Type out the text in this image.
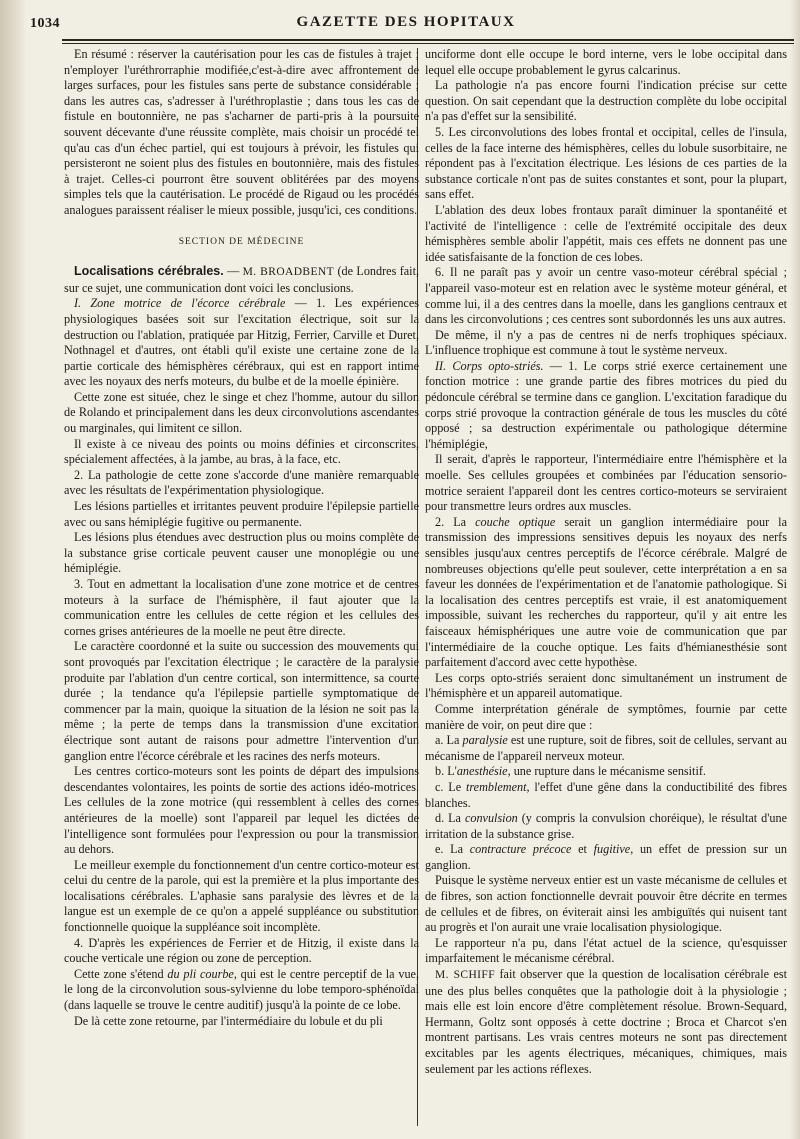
1034	GAZETTE DES HOPITAUX

En résumé : réserver la cautérisation pour les cas de fistules à trajet ; n'employer l'uréthrorraphie modifiée,c'est-à-dire avec affrontement de larges surfaces, pour les fistules sans perte de substance considérable ; dans les autres cas, s'adresser à l'uréthroplastie ; dans tous les cas de fistule en boutonnière, ne pas s'acharner de parti-pris à la poursuite souvent décevante d'une réussite complète, mais choisir un procédé tel qu'au cas d'un échec partiel, qui est toujours à prévoir, les fistules qui persisteront ne soient plus des fistules en boutonnière, mais des fistules à trajet. Celles-ci pourront être souvent oblitérées par des moyens simples tels que la cautérisation. Le procédé de Rigaud ou les procédés analogues paraissent réaliser le mieux possible, jusqu'ici, ces conditions.

SECTION DE MÉDECINE

Localisations cérébrales. — M. BROADBENT (de Londres fait, sur ce sujet, une communication dont voici les conclusions.

I. Zone motrice de l'écorce cérébrale — 1. Les expériences physiologiques basées soit sur l'excitation électrique, soit sur la destruction ou l'ablation, pratiquée par Hitzig, Ferrier, Carville et Duret, Nothnagel et d'autres, ont établi qu'il existe une certaine zone de la partie corticale des hémisphères cérébraux, qui est en rapport intime avec les noyaux des nerfs moteurs, du bulbe et de la moelle épinière.

Cette zone est située, chez le singe et chez l'homme, autour du sillon de Rolando et principalement dans les deux circonvolutions ascendantes ou marginales, qui limitent ce sillon.

Il existe à ce niveau des points ou moins définies et circonscrites, spécialement affectées, à la jambe, au bras, à la face, etc.

2. La pathologie de cette zone s'accorde d'une manière remarquable avec les résultats de l'expérimentation physiologique.

Les lésions partielles et irritantes peuvent produire l'épilepsie partielle avec ou sans hémiplégie fugitive ou permanente.

Les lésions plus étendues avec destruction plus ou moins complète de la substance grise corticale peuvent causer une monoplégie ou une hémiplégie.

3. Tout en admettant la localisation d'une zone motrice et de centres moteurs à la surface de l'hémisphère, il faut ajouter que la communication entre les cellules de cette région et les cellules des cornes grises antérieures de la moelle ne peut être directe.

Le caractère coordonné et la suite ou succession des mouvements qui sont provoqués par l'excitation électrique ; le caractère de la paralysie produite par l'ablation d'un centre cortical, son intermittence, sa courte durée ; la tendance qu'a l'épilepsie partielle symptomatique de commencer par la main, quoique la situation de la lésion ne soit pas la même ; la perte de temps dans la transmission d'une excitation électrique sont autant de raisons pour admettre l'intervention d'un ganglion entre l'écorce cérébrale et les racines des nerfs moteurs.

Les centres cortico-moteurs sont les points de départ des impulsions descendantes volontaires, les points de sortie des actions idéo-motrices. Les cellules de la zone motrice (qui ressemblent à celles des cornes antérieures de la moelle) sont l'appareil par lequel les dictées de l'intelligence sont formulées pour l'expression ou pour la transmission au dehors.

Le meilleur exemple du fonctionnement d'un centre cortico-moteur est celui du centre de la parole, qui est la première et la plus importante des localisations cérébrales. L'aphasie sans paralysie des lèvres et de la langue est un exemple de ce qu'on a appelé suppléance ou substitution fonctionnelle quoique la suppléance soit incomplète.

4. D'après les expériences de Ferrier et de Hitzig, il existe dans la couche verticale une région ou zone de perception.

Cette zone s'étend du pli courbe, qui est le centre perceptif de la vue, le long de la circonvolution sous-sylvienne du lobe temporo-sphénoïdal (dans laquelle se trouve le centre auditif) jusqu'à la pointe de ce lobe.

De là cette zone retourne, par l'intermédiaire du lobule et du pli

unciforme dont elle occupe le bord interne, vers le lobe occipital dans lequel elle occupe probablement le gyrus calcarinus.

La pathologie n'a pas encore fourni l'indication précise sur cette question. On sait cependant que la destruction complète du lobe occipital n'a pas d'effet sur la sensibilité.

5. Les circonvolutions des lobes frontal et occipital, celles de l'insula, celles de la face interne des hémisphères, celles du lobule susorbitaire, ne répondent pas à l'excitation électrique. Les lésions de ces parties de la substance corticale n'ont pas de suites constantes et sont, pour la plupart, sans effet.

L'ablation des deux lobes frontaux paraît diminuer la spontanéité et l'activité de l'intelligence : celle de l'extrémité occipitale des deux hémisphères semble abolir l'appétit, mais ces effets ne donnent pas une idée satisfaisante de la fonction de ces lobes.

6. Il ne paraît pas y avoir un centre vaso-moteur cérébral spécial ; l'appareil vaso-moteur est en relation avec le système moteur général, et comme lui, il a des centres dans la moelle, dans les ganglions centraux et dans les circonvolutions ; ces centres sont subordonnés les uns aux autres.

De même, il n'y a pas de centres ni de nerfs trophiques spéciaux. L'influence trophique est commune à tout le système nerveux.

II. Corps opto-striés. — 1. Le corps strié exerce certainement une fonction motrice : une grande partie des fibres motrices du pied du pédoncule cérébral se termine dans ce ganglion. L'excitation faradique du corps strié provoque la contraction générale de tous les muscles du côté opposé ; sa destruction expérimentale ou pathologique détermine l'hémiplégie,

Il serait, d'après le rapporteur, l'intermédiaire entre l'hémisphère et la moelle. Ses cellules groupées et combinées par l'éducation sensorio-motrice seraient l'appareil dont les centres cortico-moteurs se serviraient pour transmettre leurs ordres aux muscles.

2. La couche optique serait un ganglion intermédiaire pour la transmission des impressions sensitives depuis les noyaux des nerfs sensibles jusqu'aux centres perceptifs de l'écorce cérébrale. Malgré de nombreuses objections qu'elle peut soulever, cette interprétation a en sa faveur les données de l'expérimentation et de l'anatomie pathologique. Si la localisation des centres perceptifs est vraie, il est anatomiquement impossible, suivant les recherches du rapporteur, qu'il y ait entre les faisceaux hémisphériques une autre voie de communication que par l'intermédiaire de la couche optique. Les faits d'hémianesthésie sont parfaitement d'accord avec cette hypothèse.

Les corps opto-striés seraient donc simultanément un instrument de l'hémisphère et un appareil automatique.

Comme interprétation générale de symptômes, fournie par cette manière de voir, on peut dire que :

a. La paralysie est une rupture, soit de fibres, soit de cellules, servant au mécanisme de l'appareil nerveux moteur.

b. L'anesthésie, une rupture dans le mécanisme sensitif.

c. Le tremblement, l'effet d'une gêne dans la conductibilité des fibres blanches.

d. La convulsion (y compris la convulsion choréique), le résultat d'une irritation de la substance grise.

e. La contracture précoce et fugitive, un effet de pression sur un ganglion.

Puisque le système nerveux entier est un vaste mécanisme de cellules et de fibres, son action fonctionnelle devrait pouvoir être décrite en termes de cellules et de fibres, on éviterait ainsi les ambiguïtés qui nuisent tant au progrès et l'on aurait une vraie localisation physiologique.

Le rapporteur n'a pu, dans l'état actuel de la science, qu'esquisser imparfaitement le mécanisme cérébral.

M. SCHIFF fait observer que la question de localisation cérébrale est une des plus belles conquêtes que la pathologie doit à la physiologie ; mais elle est loin encore d'être complètement résolue. Brown-Sequard, Hermann, Goltz sont opposés à cette doctrine ; Broca et Charcot s'en montrent partisans. Les vrais centres moteurs ne sont pas directement excitables par les agents électriques, mécaniques, chimiques, mais seulement par les actions réflexes.
